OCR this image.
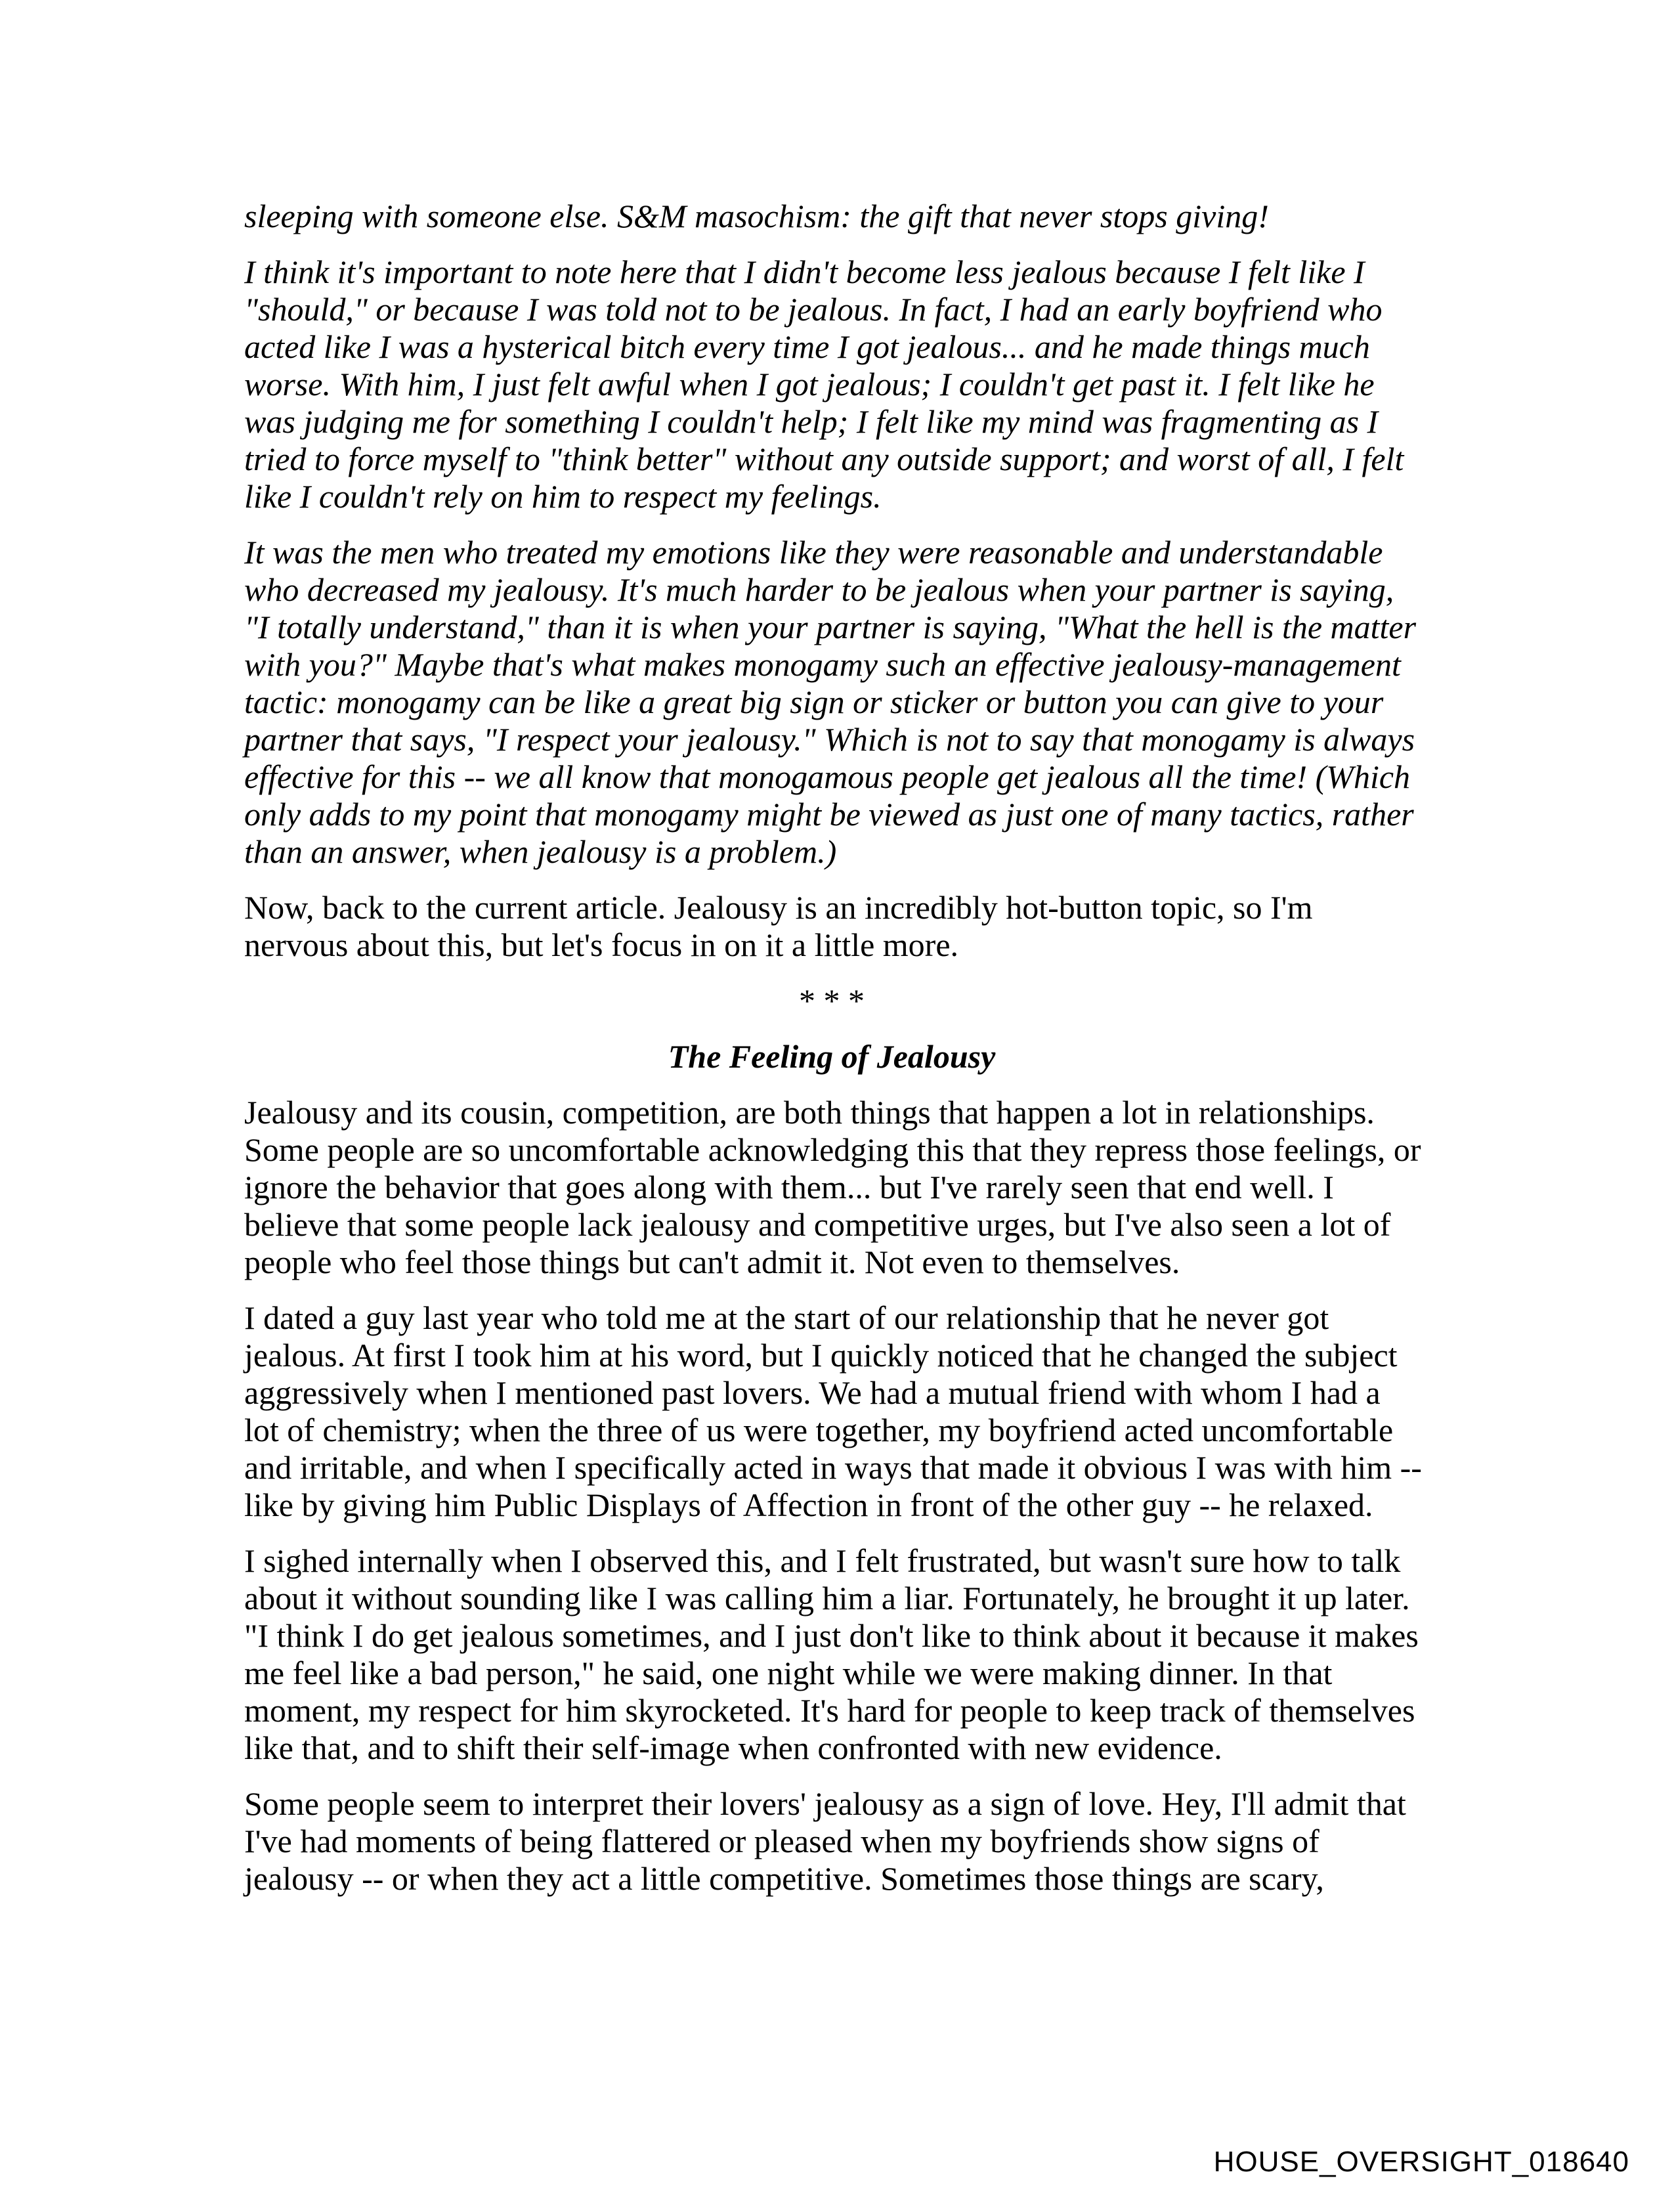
sleeping with someone else. S&M masochism: the gift that never stops giving!

I think it's important to note here that I didn't become less jealous because I felt like I
"should," or because I was told not to be jealous. In fact, I had an early boyfriend who
acted like I was a hysterical bitch every time I got jealous... and he made things much
worse. With him, I just felt awful when I got jealous; I couldn't get past it. I felt like he
was judging me for something I couldn't help; I felt like my mind was fragmenting as I
tried to force myself to "think better" without any outside support; and worst of all, I felt
like I couldn't rely on him to respect my feelings.

It was the men who treated my emotions like they were reasonable and understandable
who decreased my jealousy. It's much harder to be jealous when your partner is saying,
"I totally understand," than it is when your partner is saying, "What the hell is the matter
with you?" Maybe that's what makes monogamy such an effective jealousy-management
tactic: monogamy can be like a great big sign or sticker or button you can give to your
partner that says, "I respect your jealousy." Which is not to say that monogamy is always
effective for this -- we all know that monogamous people get jealous all the time! (Which
only adds to my point that monogamy might be viewed as just one of many tactics, rather
than an answer, when jealousy is a problem.)

Now, back to the current article. Jealousy is an incredibly hot-button topic, so I'm
nervous about this, but let's focus in on it a little more.

* * *

The Feeling of Jealousy

Jealousy and its cousin, competition, are both things that happen a lot in relationships.
Some people are so uncomfortable acknowledging this that they repress those feelings, or
ignore the behavior that goes along with them... but I've rarely seen that end well. I
believe that some people lack jealousy and competitive urges, but I've also seen a lot of
people who feel those things but can't admit it. Not even to themselves.

I dated a guy last year who told me at the start of our relationship that he never got
jealous. At first I took him at his word, but I quickly noticed that he changed the subject
aggressively when I mentioned past lovers. We had a mutual friend with whom I had a
lot of chemistry; when the three of us were together, my boyfriend acted uncomfortable
and irritable, and when I specifically acted in ways that made it obvious I was with him --
like by giving him Public Displays of Affection in front of the other guy -- he relaxed.

I sighed internally when I observed this, and I felt frustrated, but wasn't sure how to talk
about it without sounding like I was calling him a liar. Fortunately, he brought it up later.
"I think I do get jealous sometimes, and I just don't like to think about it because it makes
me feel like a bad person," he said, one night while we were making dinner. In that
moment, my respect for him skyrocketed. It's hard for people to keep track of themselves
like that, and to shift their self-image when confronted with new evidence.

Some people seem to interpret their lovers' jealousy as a sign of love. Hey, I'll admit that
I've had moments of being flattered or pleased when my boyfriends show signs of
jealousy -- or when they act a little competitive. Sometimes those things are scary,

HOUSE_OVERSIGHT_018640
